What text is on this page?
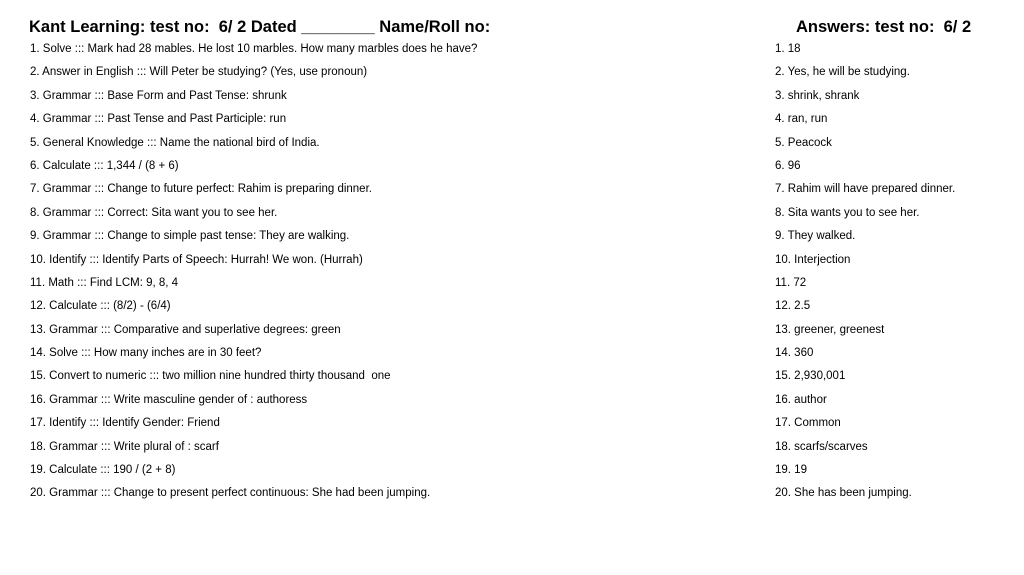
Kant Learning: test no:  6/ 2 Dated ________ Name/Roll no:	Answers: test no:  6/ 2
1. Solve ::: Mark had 28 mables. He lost 10 marbles. How many marbles does he have?
2. Answer in English ::: Will Peter be studying? (Yes, use pronoun)
3. Grammar ::: Base Form and Past Tense: shrunk
4. Grammar ::: Past Tense and Past Participle: run
5. General Knowledge ::: Name the national bird of India.
6. Calculate ::: 1,344 / (8 + 6)
7. Grammar ::: Change to future perfect: Rahim is preparing dinner.
8. Grammar ::: Correct: Sita want you to see her.
9. Grammar ::: Change to simple past tense: They are walking.
10. Identify ::: Identify Parts of Speech: Hurrah! We won. (Hurrah)
11. Math ::: Find LCM: 9, 8, 4
12. Calculate ::: (8/2) - (6/4)
13. Grammar ::: Comparative and superlative degrees: green
14. Solve ::: How many inches are in 30 feet?
15. Convert to numeric ::: two million nine hundred thirty thousand  one
16. Grammar ::: Write masculine gender of : authoress
17. Identify ::: Identify Gender: Friend
18. Grammar ::: Write plural of : scarf
19. Calculate ::: 190 / (2 + 8)
20. Grammar ::: Change to present perfect continuous: She had been jumping.
1. 18
2. Yes, he will be studying.
3. shrink, shrank
4. ran, run
5. Peacock
6. 96
7. Rahim will have prepared dinner.
8. Sita wants you to see her.
9. They walked.
10. Interjection
11. 72
12. 2.5
13. greener, greenest
14. 360
15. 2,930,001
16. author
17. Common
18. scarfs/scarves
19. 19
20. She has been jumping.
